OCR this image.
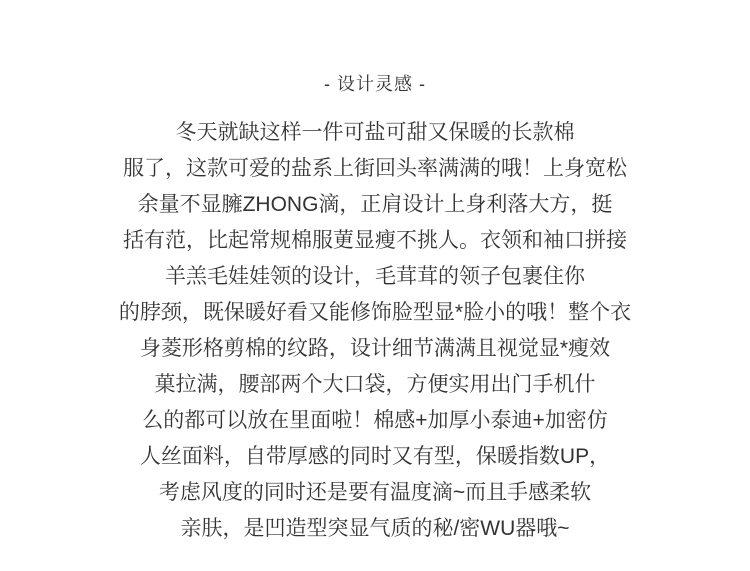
- 设计灵感 -

冬天就缺这样一件可盐可甜又保暖的长款棉

服了，这款可爱的盐系上街回头率满满的哦！上身宽松

余量不显臃ZHONG滴，正肩设计上身利落大方，挺

括有范，比起常规棉服莄显瘦不挑人。衣领和袖口拼接

羊羔毛娃娃领的设计，毛茸茸的领子包裹住你

的脖颈，既保暖好看又能修饰脸型显*脸小的哦！整个衣

身菱形格剪棉的纹路，设计细节满满且视觉显*瘦效

菓拉满，腰部两个大口袋，方便实用出门手机什

么的都可以放在里面啦！棉感+加厚小泰迪+加密仿

人丝面料，自带厚感的同时又有型，保暖指数UP，

考虑风度的同时还是要有温度滴~而且手感柔软

亲肤，是凹造型突显气质的秘/密WU器哦~
